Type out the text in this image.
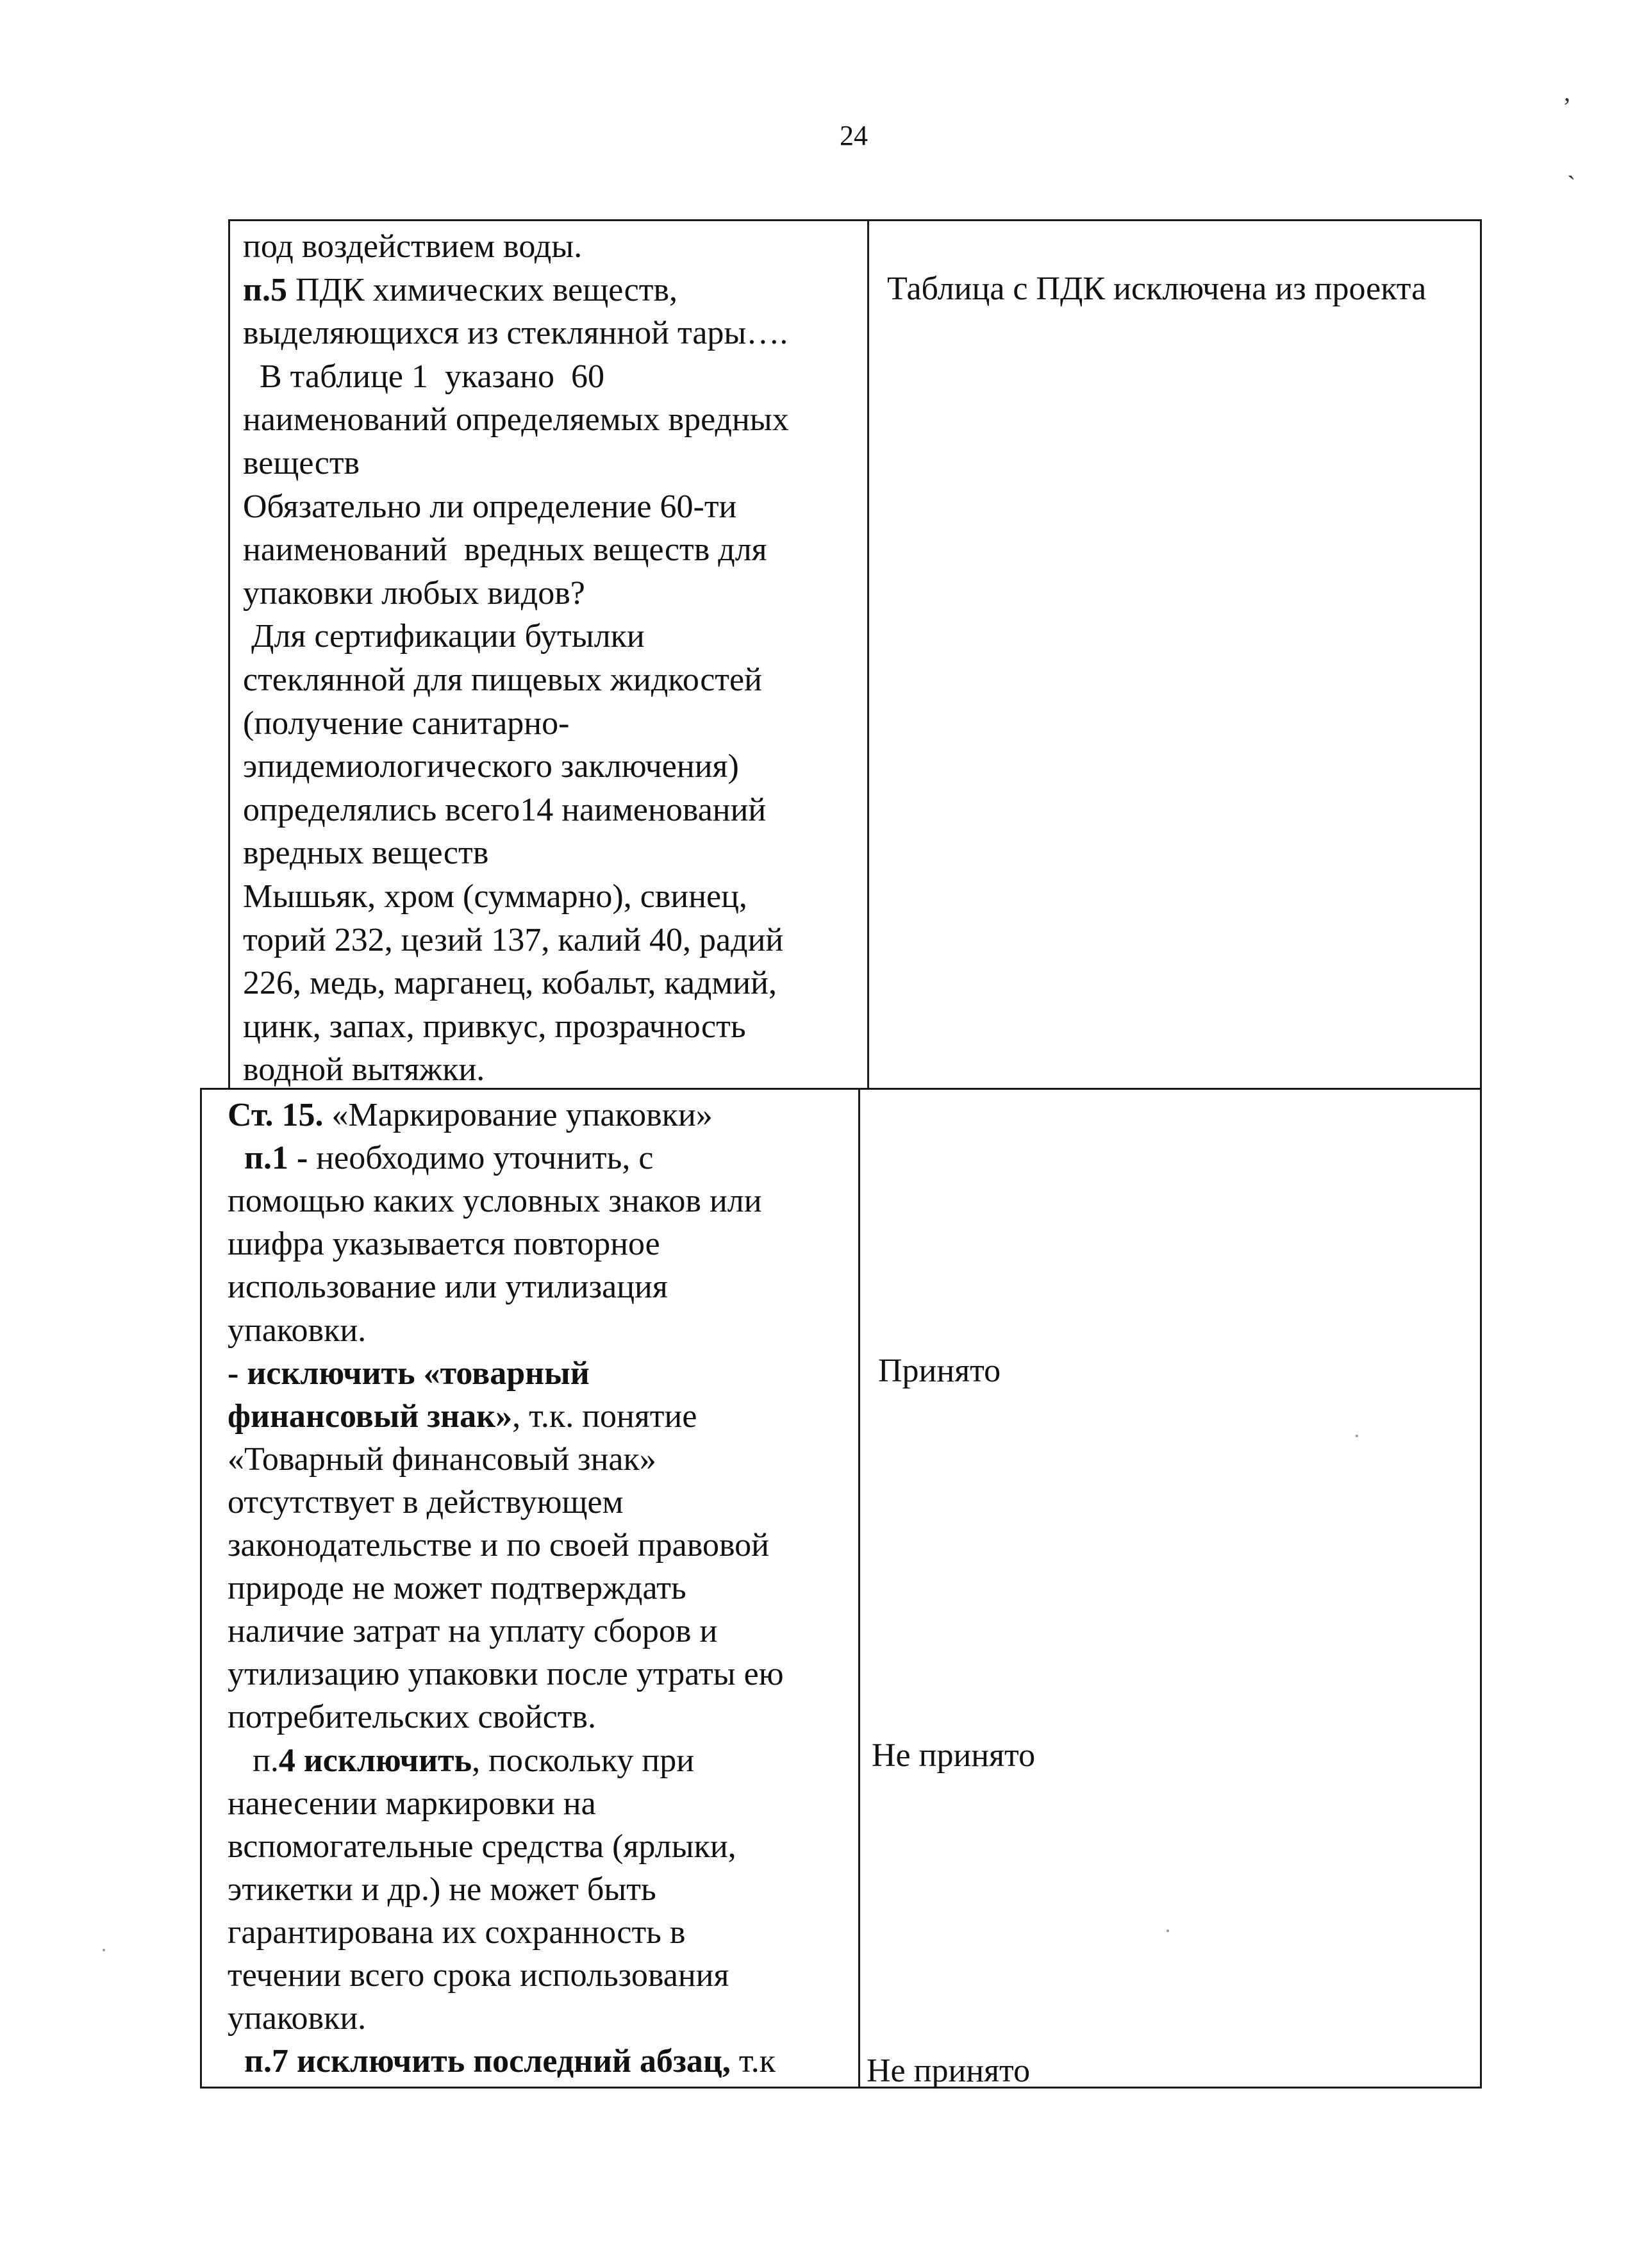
24
,
`
под воздействием воды.
п.5 ПДК химических веществ,
выделяющихся из стеклянной тары….
В таблице 1  указано  60
наименований определяемых вредных
веществ
Обязательно ли определение 60-ти
наименований  вредных веществ для
упаковки любых видов?
Для сертификации бутылки
стеклянной для пищевых жидкостей
(получение санитарно-
эпидемиологического заключения)
определялись всего14 наименований
вредных веществ
Мышьяк, хром (суммарно), свинец,
торий 232, цезий 137, калий 40, радий
226, медь, марганец, кобальт, кадмий,
цинк, запах, привкус, прозрачность
водной вытяжки.
Таблица с ПДК исключена из проекта
Ст. 15. «Маркирование упаковки»
п.1 - необходимо уточнить, с
помощью каких условных знаков или
шифра указывается повторное
использование или утилизация
упаковки.
- исключить «товарный
финансовый знак», т.к. понятие
«Товарный финансовый знак»
отсутствует в действующем
законодательстве и по своей правовой
природе не может подтверждать
наличие затрат на уплату сборов и
утилизацию упаковки после утраты ею
потребительских свойств.
п.4 исключить, поскольку при
нанесении маркировки на
вспомогательные средства (ярлыки,
этикетки и др.) не может быть
гарантирована их сохранность в
течении всего срока использования
упаковки.
п.7 исключить последний абзац, т.к
Принято
Не принято
Не принято
